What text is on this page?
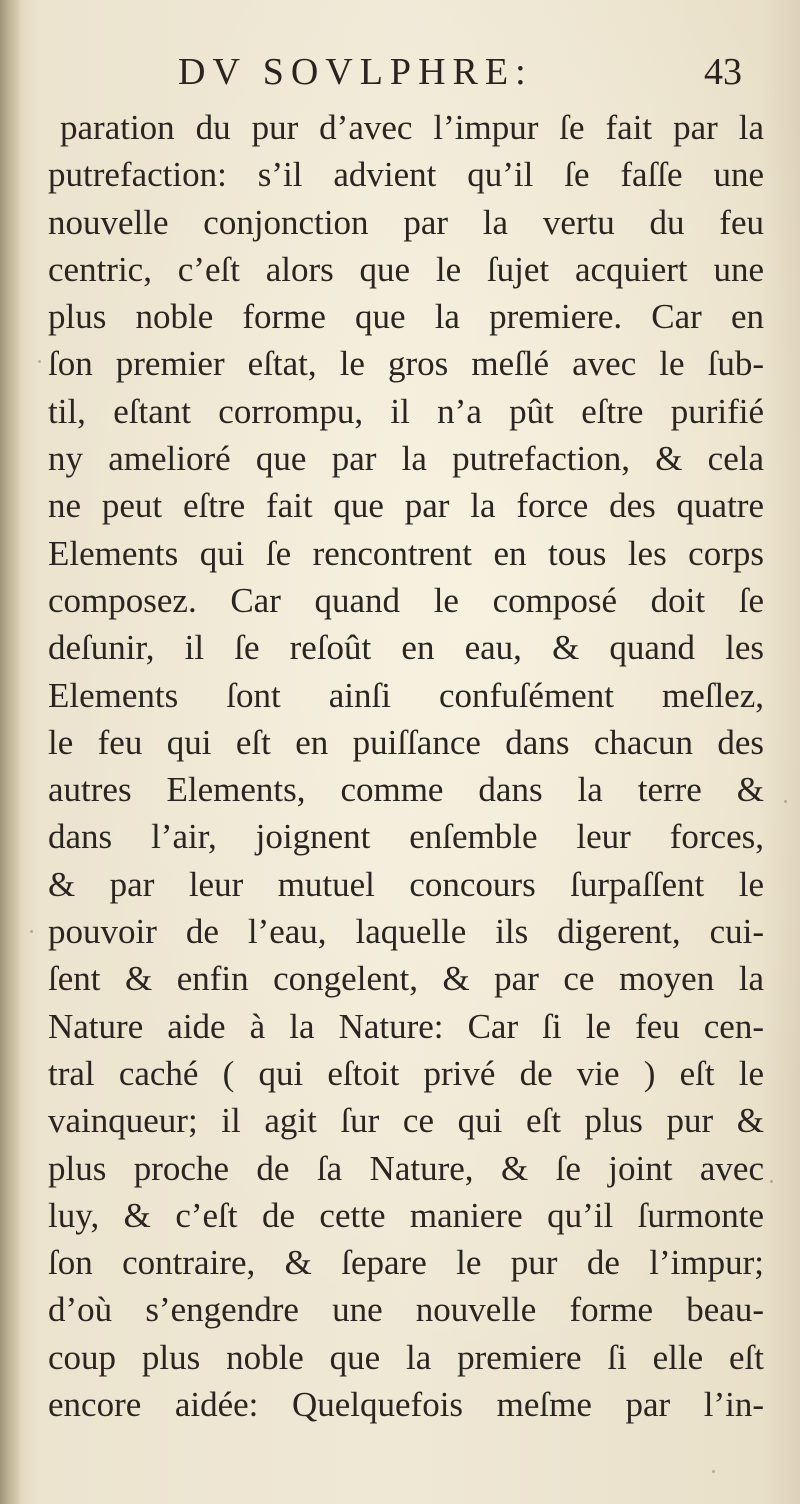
DV SOVLPHRE:	43
paration du pur d’avec l’impur ſe fait par la
putrefaction: s’il advient qu’il ſe faſſe une
nouvelle conjonction par la vertu du feu
centric, c’eſt alors que le ſujet acquiert une
plus noble forme que la premiere. Car en
ſon premier eſtat, le gros meſlé avec le ſub-
til, eſtant corrompu, il n’a pût eſtre purifié
ny amelioré que par la putrefaction, & cela
ne peut eſtre fait que par la force des quatre
Elements qui ſe rencontrent en tous les corps
composez. Car quand le composé doit ſe
deſunir, il ſe reſoût en eau, & quand les
Elements ſont ainſi confuſément meſlez,
le feu qui eſt en puiſſance dans chacun des
autres Elements, comme dans la terre &
dans l’air, joignent enſemble leur forces,
& par leur mutuel concours ſurpaſſent le
pouvoir de l’eau, laquelle ils digerent, cui-
ſent & enfin congelent, & par ce moyen la
Nature aide à la Nature: Car ſi le feu cen-
tral caché ( qui eſtoit privé de vie ) eſt le
vainqueur; il agit ſur ce qui eſt plus pur &
plus proche de ſa Nature, & ſe joint avec
luy, & c’eſt de cette maniere qu’il ſurmonte
ſon contraire, & ſepare le pur de l’impur;
d’où s’engendre une nouvelle forme beau-
coup plus noble que la premiere ſi elle eſt
encore aidée: Quelquefois meſme par l’in-
